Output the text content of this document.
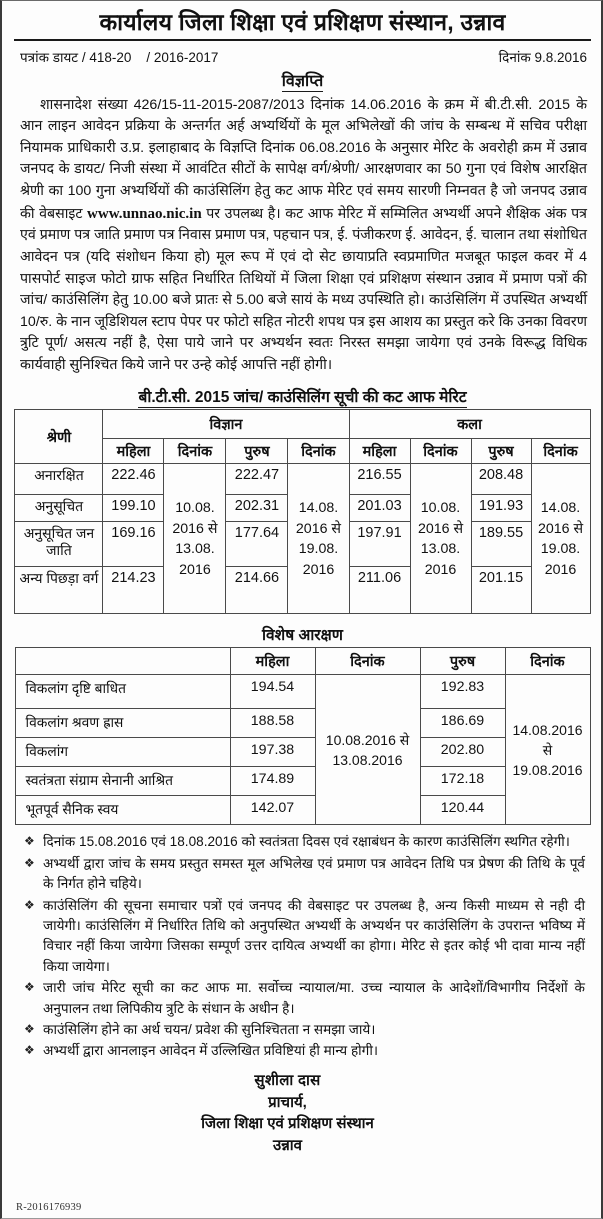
कार्यालय जिला शिक्षा एवं प्रशिक्षण संस्थान, उन्नाव
पत्रांक डायट / 418-20    / 2016-2017	दिनांक 9.8.2016
विज्ञप्ति
शासनादेश संख्या 426/15-11-2015-2087/2013 दिनांक 14.06.2016 के क्रम में बी.टी.सी. 2015 के आन लाइन आवेदन प्रक्रिया के अन्तर्गत अर्ह अभ्यर्थियों के मूल अभिलेखों की जांच के सम्बन्ध में सचिव परीक्षा नियामक प्राधिकारी उ.प्र. इलाहाबाद के विज्ञप्ति दिनांक 06.08.2016 के अनुसार मेरिट के अवरोही क्रम में उन्नाव जनपद के डायट/ निजी संस्था में आवंटित सीटों के सापेक्ष वर्ग/श्रेणी/ आरक्षणवार का 50 गुना एवं विशेष आरक्षित श्रेणी का 100 गुना अभ्यर्थियों की काउंसिलिंग हेतु कट आफ मेरिट एवं समय सारणी निम्नवत है जो जनपद उन्नाव की वेबसाइट www.unnao.nic.in पर उपलब्ध है। कट आफ मेरिट में सम्मिलित अभ्यर्थी अपने शैक्षिक अंक पत्र एवं प्रमाण पत्र जाति प्रमाण पत्र निवास प्रमाण पत्र, पहचान पत्र, ई. पंजीकरण ई. आवेदन, ई. चालान तथा संशोधित आवेदन पत्र (यदि संशोधन किया हो) मूल रूप में एवं दो सेट छायाप्रति स्वप्रमाणित मजबूत फाइल कवर में 4 पासपोर्ट साइज फोटो ग्राफ सहित निर्धारित तिथियों में जिला शिक्षा एवं प्रशिक्षण संस्थान उन्नाव में प्रमाण पत्रों की जांच/ काउंसिलिंग हेतु 10.00 बजे प्रातः से 5.00 बजे सायं के मध्य उपस्थिति हो। काउंसिलिंग में उपस्थित अभ्यर्थी 10/रु. के नान जूडिशियल स्टाप पेपर पर फोटो सहित नोटरी शपथ पत्र इस आशय का प्रस्तुत करे कि उनका विवरण त्रुटि पूर्ण/ असत्य नहीं है, ऐसा पाये जाने पर अभ्यर्थन स्वतः निरस्त समझा जायेगा एवं उनके विरूद्ध विधिक कार्यवाही सुनिश्चित किये जाने पर उन्हे कोई आपत्ति नहीं होगी।
बी.टी.सी. 2015 जांच/ काउंसिलिंग सूची की कट आफ मेरिट
श्रेणी	विज्ञान				कला			
	महिला	दिनांक	पुरुष	दिनांक	महिला	दिनांक	पुरुष	दिनांक
अनारक्षित	222.46	10.08. 2016 से 13.08. 2016	222.47	14.08. 2016 से 19.08. 2016	216.55	10.08. 2016 से 13.08. 2016	208.48	14.08. 2016 से 19.08. 2016
अनुसूचित	199.10		202.31		201.03		191.93	
अनुसूचित जन जाति	169.16		177.64		197.91		189.55	
अन्य पिछड़ा वर्ग	214.23		214.66		211.06		201.15	
विशेष आरक्षण
	महिला	दिनांक	पुरुष	दिनांक
विकलांग दृष्टि बाधित	194.54	10.08.2016 से 13.08.2016	192.83	14.08.2016 से 19.08.2016
विकलांग श्रवण ह्रास	188.58		186.69	
विकलांग	197.38		202.80	
स्वतंत्रता संग्राम सेनानी आश्रित	174.89		172.18	
भूतपूर्व सैनिक स्वय	142.07		120.44	
❖ दिनांक 15.08.2016 एवं 18.08.2016 को स्वतंत्रता दिवस एवं रक्षाबंधन के कारण काउंसिलिंग स्थगित रहेगी।
❖ अभ्यर्थी द्वारा जांच के समय प्रस्तुत समस्त मूल अभिलेख एवं प्रमाण पत्र आवेदन तिथि पत्र प्रेषण की तिथि के पूर्व के निर्गत होने चहिये।
❖ काउंसिलिंग की सूचना समाचार पत्रों एवं जनपद की वेबसाइट पर उपलब्ध है, अन्य किसी माध्यम से नही दी जायेगी। काउंसिलिंग में निर्धारित तिथि को अनुपस्थित अभ्यर्थी के अभ्यर्थन पर काउंसिलिंग के उपरान्त भविष्य में विचार नहीं किया जायेगा जिसका सम्पूर्ण उत्तर दायित्व अभ्यर्थी का होगा। मेरिट से इतर कोई भी दावा मान्य नहीं किया जायेगा।
❖ जारी जांच मेरिट सूची का कट आफ मा. सर्वोच्च न्यायाल/मा. उच्च न्यायाल के आदेशों/विभागीय निर्देशों के अनुपालन तथा लिपिकीय त्रुटि के संधान के अधीन है।
❖ काउंसिलिंग होने का अर्थ चयन/ प्रवेश की सुनिश्चितता न समझा जाये।
❖ अभ्यर्थी द्वारा आनलाइन आवेदन में उल्लिखित प्रविष्टियां ही मान्य होगी।
सुशीला दास
प्राचार्य,
जिला शिक्षा एवं प्रशिक्षण संस्थान
उन्नाव
R-2016176939
